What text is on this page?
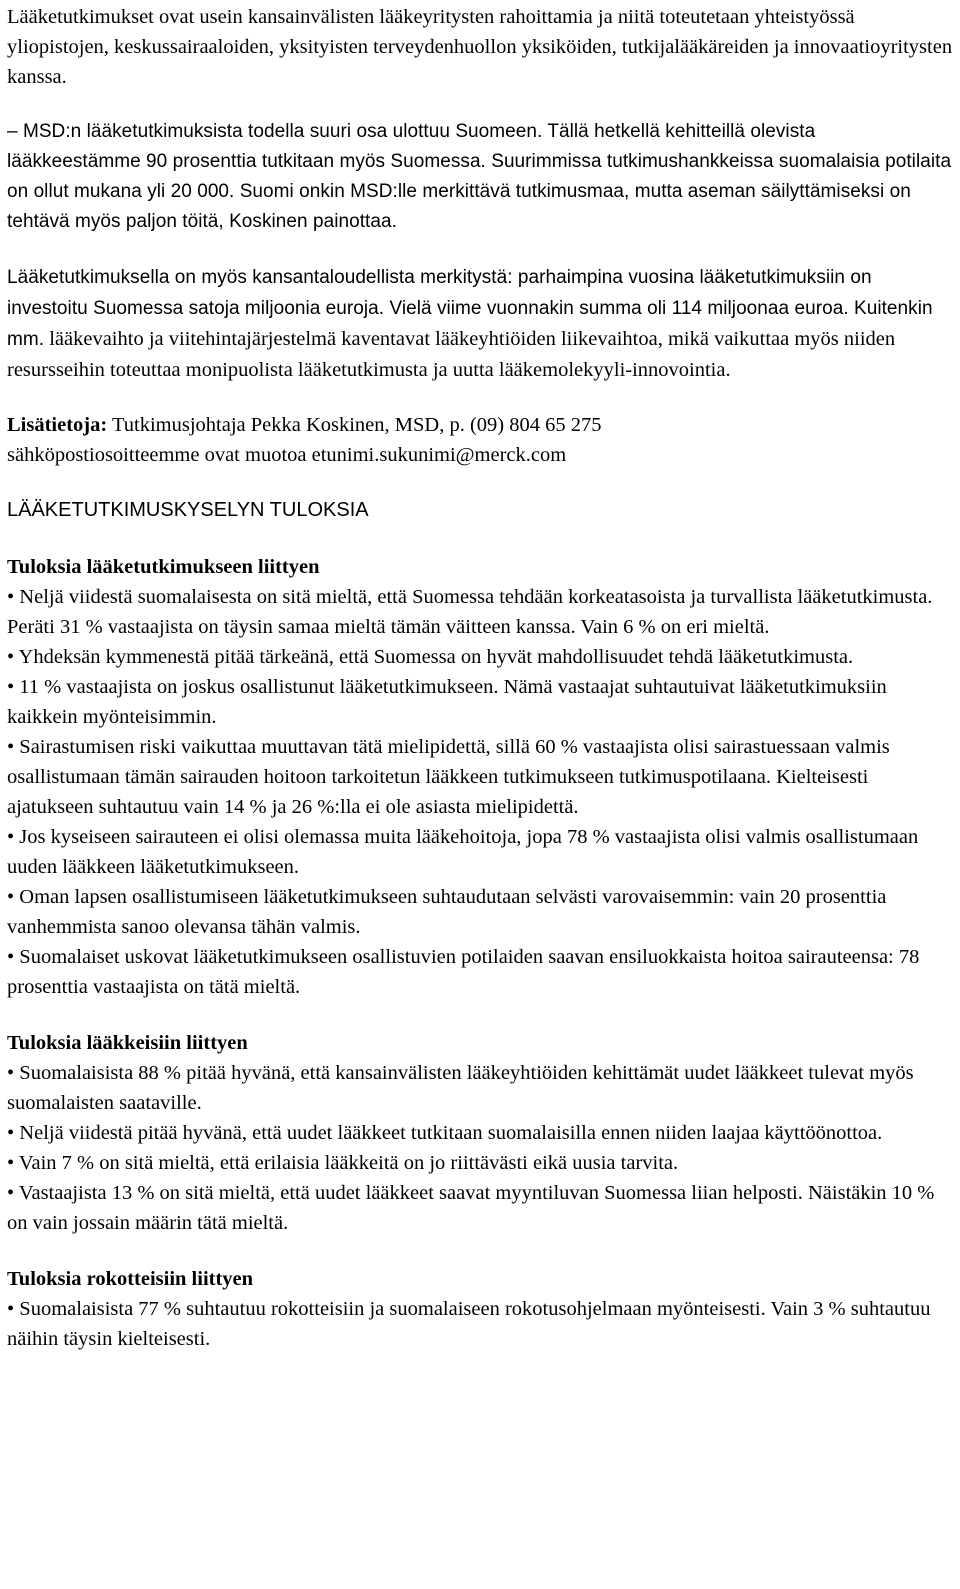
Lääketutkimukset ovat usein kansainvälisten lääkeyritysten rahoittamia ja niitä toteutetaan yhteistyössä yliopistojen, keskussairaaloiden, yksityisten terveydenhuollon yksiköiden, tutkijalääkäreiden ja innovaatioyritysten kanssa.
– MSD:n lääketutkimuksista todella suuri osa ulottuu Suomeen. Tällä hetkellä kehitteillä olevista lääkkeestämme 90 prosenttia tutkitaan myös Suomessa. Suurimmissa tutkimushankkeissa suomalaisia potilaita on ollut mukana yli 20 000. Suomi onkin MSD:lle merkittävä tutkimusmaa, mutta aseman säilyttämiseksi on tehtävä myös paljon töitä, Koskinen painottaa.
Lääketutkimuksella on myös kansantaloudellista merkitystä: parhaimpina vuosina lääketutkimuksiin on investoitu Suomessa satoja miljoonia euroja. Vielä viime vuonnakin summa oli 114 miljoonaa euroa. Kuitenkin mm. lääkevaihto ja viitehintajärjestelmä kaventavat lääkeyhtiöiden liikevaihtoa, mikä vaikuttaa myös niiden resursseihin toteuttaa monipuolista lääketutkimusta ja uutta lääkemolekyyli-innovointia.
Lisätietoja: Tutkimusjohtaja Pekka Koskinen, MSD, p. (09) 804 65 275
sähköpostiosoitteemme ovat muotoa etunimi.sukunimi@merck.com
LÄÄKETUTKIMUSKYSELYN TULOKSIA
Tuloksia lääketutkimukseen liittyen
• Neljä viidestä suomalaisesta on sitä mieltä, että Suomessa tehdään korkeatasoista ja turvallista lääketutkimusta. Peräti 31 % vastaajista on täysin samaa mieltä tämän väitteen kanssa. Vain 6 % on eri mieltä.
• Yhdeksän kymmenestä pitää tärkeänä, että Suomessa on hyvät mahdollisuudet tehdä lääketutkimusta.
• 11 % vastaajista on joskus osallistunut lääketutkimukseen. Nämä vastaajat suhtautuivat lääketutkimuksiin kaikkein myönteisimmin.
• Sairastumisen riski vaikuttaa muuttavan tätä mielipidettä, sillä 60 % vastaajista olisi sairastuessaan valmis osallistumaan tämän sairauden hoitoon tarkoitetun lääkkeen tutkimukseen tutkimuspotilaana. Kielteisesti ajatukseen suhtautuu vain 14 % ja 26 %:lla ei ole asiasta mielipidettä.
• Jos kyseiseen sairauteen ei olisi olemassa muita lääkehoitoja, jopa 78 % vastaajista olisi valmis osallistumaan uuden lääkkeen lääketutkimukseen.
• Oman lapsen osallistumiseen lääketutkimukseen suhtaudutaan selvästi varovaisemmin: vain 20 prosenttia vanhemmista sanoo olevansa tähän valmis.
• Suomalaiset uskovat lääketutkimukseen osallistuvien potilaiden saavan ensiluokkaista hoitoa sairauteensa: 78 prosenttia vastaajista on tätä mieltä.
Tuloksia lääkkeisiin liittyen
• Suomalaisista 88 % pitää hyvänä, että kansainvälisten lääkeyhtiöiden kehittämät uudet lääkkeet tulevat myös suomalaisten saataville.
• Neljä viidestä pitää hyvänä, että uudet lääkkeet tutkitaan suomalaisilla ennen niiden laajaa käyttöönottoa.
• Vain 7 % on sitä mieltä, että erilaisia lääkkeitä on jo riittävästi eikä uusia tarvita.
• Vastaajista 13 % on sitä mieltä, että uudet lääkkeet saavat myyntiluvan Suomessa liian helposti. Näistäkin 10 % on vain jossain määrin tätä mieltä.
Tuloksia rokotteisiin liittyen
• Suomalaisista 77 % suhtautuu rokotteisiin ja suomalaiseen rokotusohjelmaan myönteisesti. Vain 3 % suhtautuu näihin täysin kielteisesti.
